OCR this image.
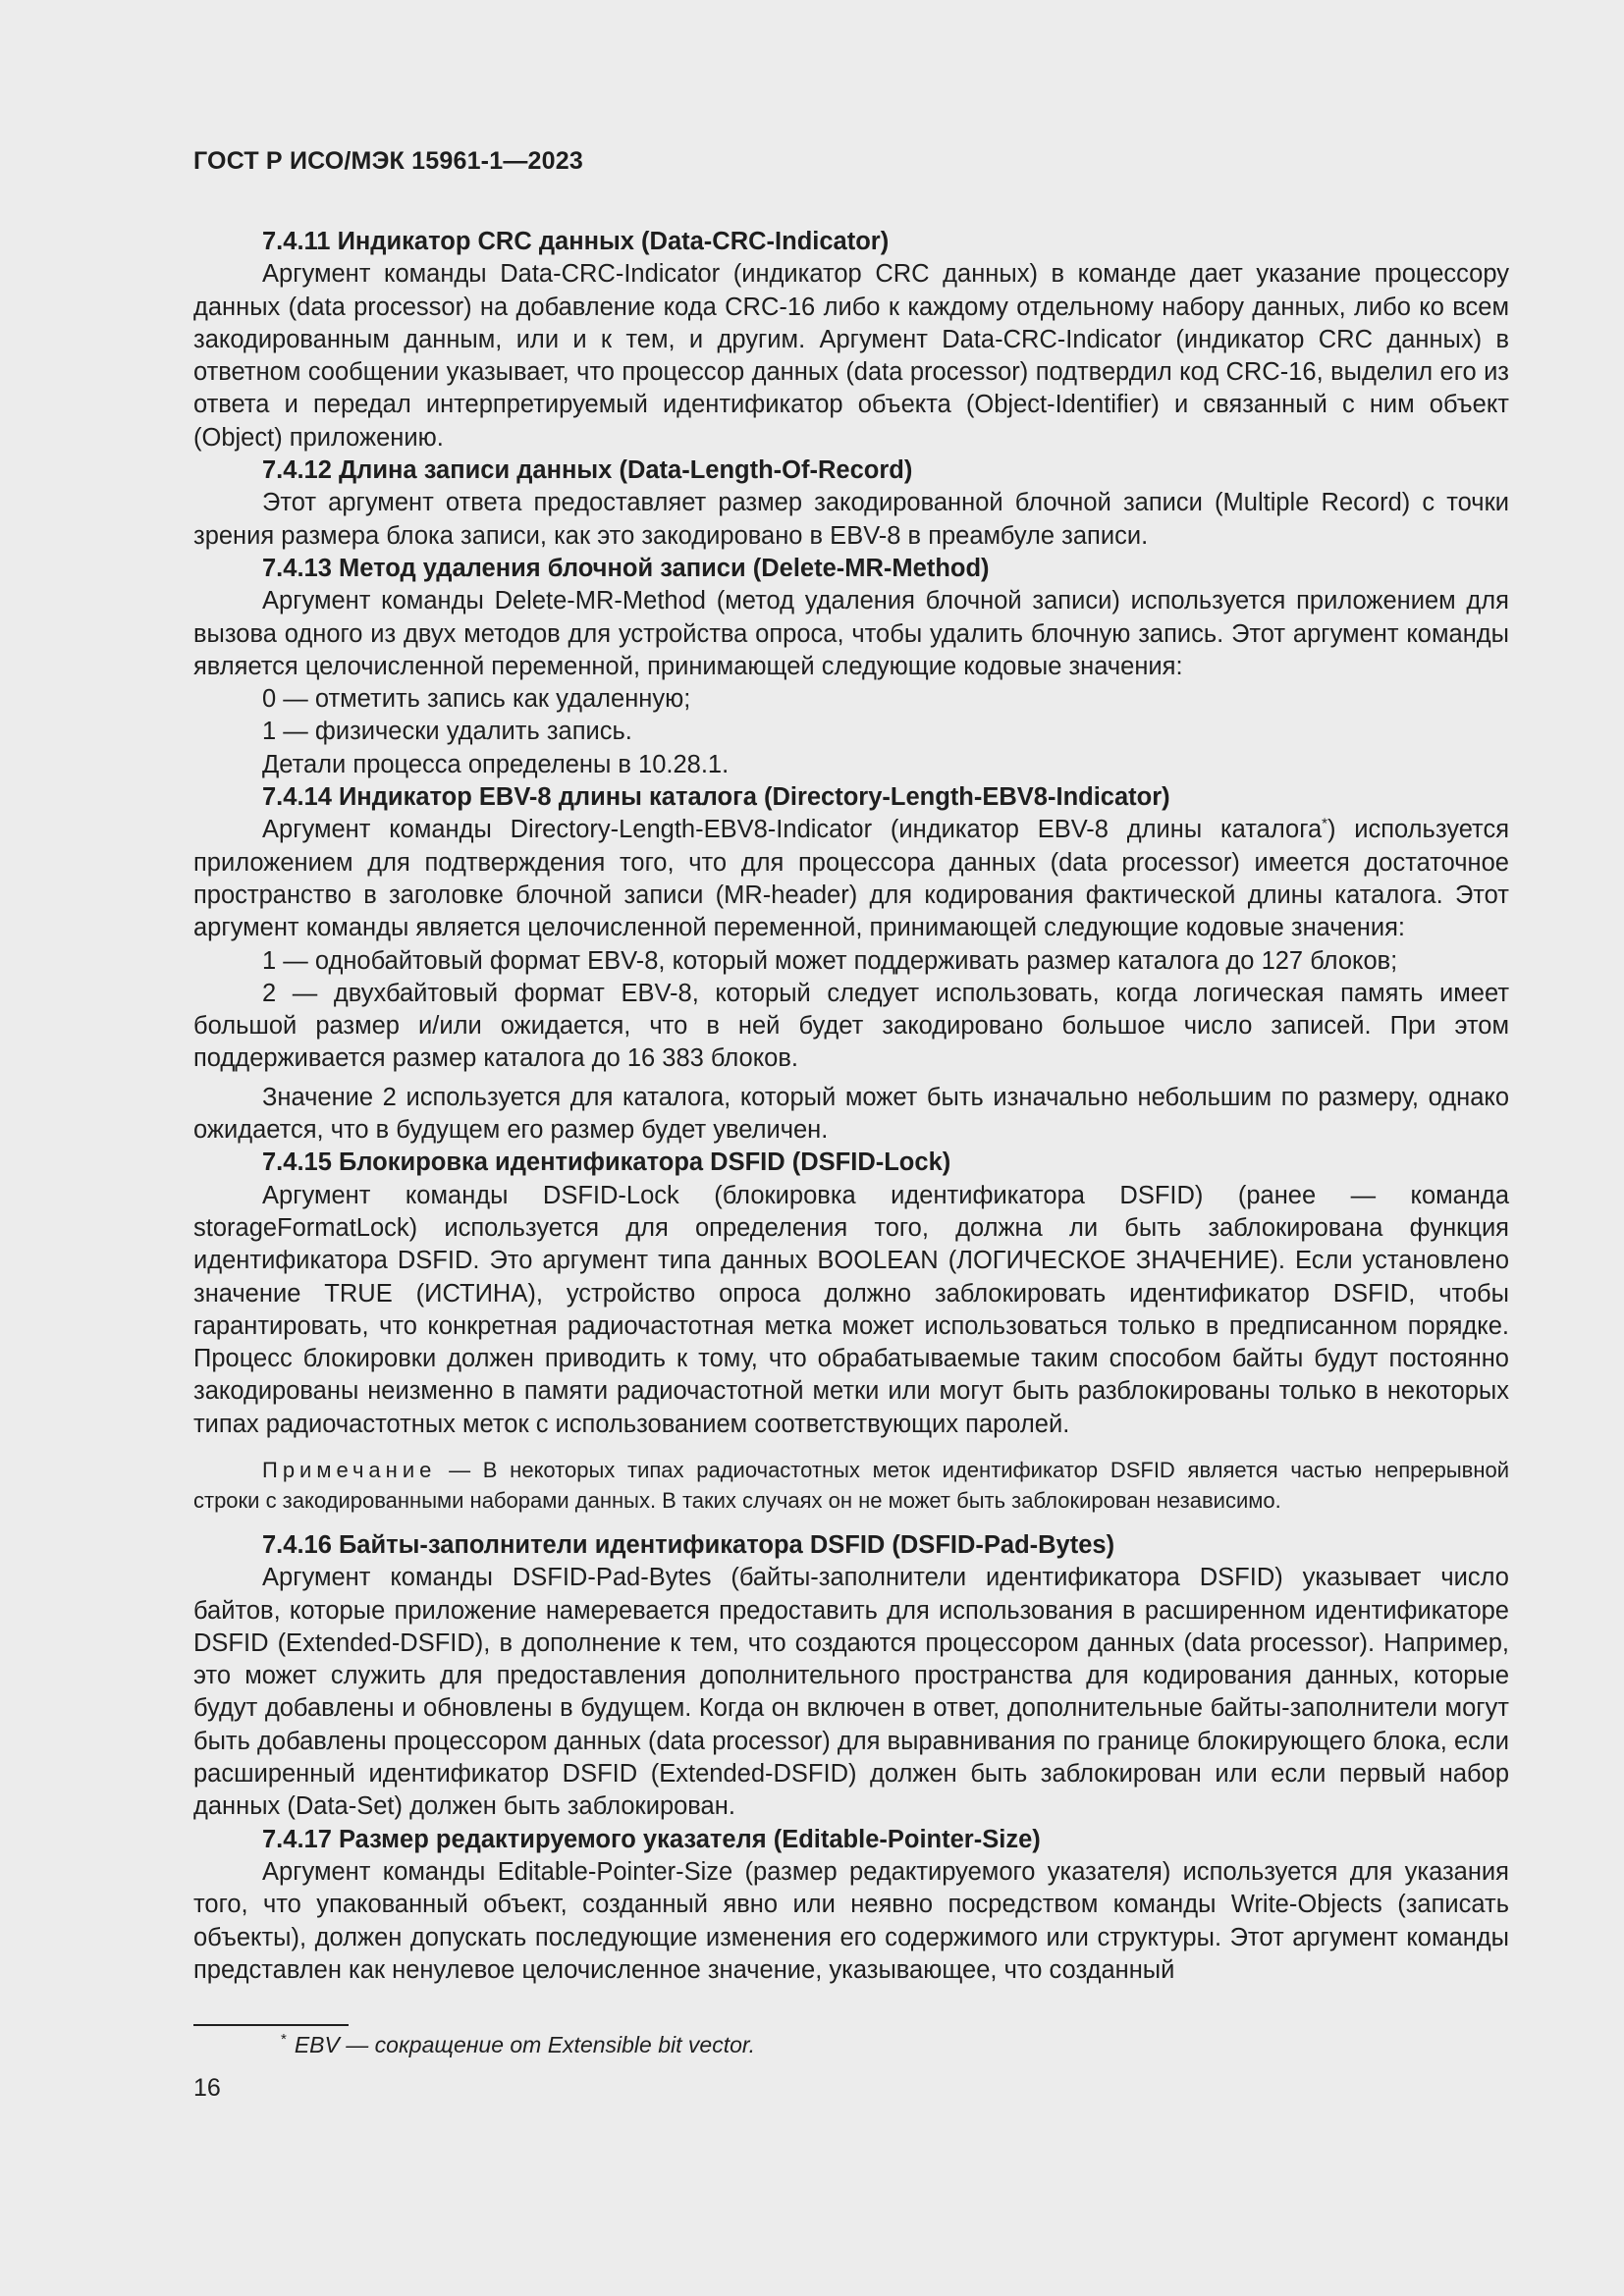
ГОСТ Р ИСО/МЭК 15961-1—2023

7.4.11 Индикатор CRC данных (Data-CRC-Indicator)

Аргумент команды Data-CRC-Indicator (индикатор CRC данных) в команде дает указание процессору данных (data processor) на добавление кода CRC-16 либо к каждому отдельному набору данных, либо ко всем закодированным данным, или и к тем, и другим. Аргумент Data-CRC-Indicator (индикатор CRC данных) в ответном сообщении указывает, что процессор данных (data processor) подтвердил код CRC-16, выделил его из ответа и передал интерпретируемый идентификатор объекта (Object-Identifier) и связанный с ним объект (Object) приложению.

7.4.12 Длина записи данных (Data-Length-Of-Record)

Этот аргумент ответа предоставляет размер закодированной блочной записи (Multiple Record) с точки зрения размера блока записи, как это закодировано в EBV-8 в преамбуле записи.

7.4.13 Метод удаления блочной записи (Delete-MR-Method)

Аргумент команды Delete-MR-Method (метод удаления блочной записи) используется приложением для вызова одного из двух методов для устройства опроса, чтобы удалить блочную запись. Этот аргумент команды является целочисленной переменной, принимающей следующие кодовые значения:

0 — отметить запись как удаленную;

1 — физически удалить запись.

Детали процесса определены в 10.28.1.

7.4.14 Индикатор EBV-8 длины каталога (Directory-Length-EBV8-Indicator)

Аргумент команды Directory-Length-EBV8-Indicator (индикатор EBV-8 длины каталога*) используется приложением для подтверждения того, что для процессора данных (data processor) имеется достаточное пространство в заголовке блочной записи (MR-header) для кодирования фактической длины каталога. Этот аргумент команды является целочисленной переменной, принимающей следующие кодовые значения:

1 — однобайтовый формат EBV-8, который может поддерживать размер каталога до 127 блоков;

2 — двухбайтовый формат EBV-8, который следует использовать, когда логическая память имеет большой размер и/или ожидается, что в ней будет закодировано большое число записей. При этом поддерживается размер каталога до 16 383 блоков.

Значение 2 используется для каталога, который может быть изначально небольшим по размеру, однако ожидается, что в будущем его размер будет увеличен.

7.4.15 Блокировка идентификатора DSFID (DSFID-Lock)

Аргумент команды DSFID-Lock (блокировка идентификатора DSFID) (ранее — команда storageFormatLock) используется для определения того, должна ли быть заблокирована функция идентификатора DSFID. Это аргумент типа данных BOOLEAN (ЛОГИЧЕСКОЕ ЗНАЧЕНИЕ). Если установлено значение TRUE (ИСТИНА), устройство опроса должно заблокировать идентификатор DSFID, чтобы гарантировать, что конкретная радиочастотная метка может использоваться только в предписанном порядке. Процесс блокировки должен приводить к тому, что обрабатываемые таким способом байты будут постоянно закодированы неизменно в памяти радиочастотной метки или могут быть разблокированы только в некоторых типах радиочастотных меток с использованием соответствующих паролей.

Примечание — В некоторых типах радиочастотных меток идентификатор DSFID является частью непрерывной строки с закодированными наборами данных. В таких случаях он не может быть заблокирован независимо.

7.4.16 Байты-заполнители идентификатора DSFID (DSFID-Pad-Bytes)

Аргумент команды DSFID-Pad-Bytes (байты-заполнители идентификатора DSFID) указывает число байтов, которые приложение намеревается предоставить для использования в расширенном идентификаторе DSFID (Extended-DSFID), в дополнение к тем, что создаются процессором данных (data processor). Например, это может служить для предоставления дополнительного пространства для кодирования данных, которые будут добавлены и обновлены в будущем. Когда он включен в ответ, дополнительные байты-заполнители могут быть добавлены процессором данных (data processor) для выравнивания по границе блокирующего блока, если расширенный идентификатор DSFID (Extended-DSFID) должен быть заблокирован или если первый набор данных (Data-Set) должен быть заблокирован.

7.4.17 Размер редактируемого указателя (Editable-Pointer-Size)

Аргумент команды Editable-Pointer-Size (размер редактируемого указателя) используется для указания того, что упакованный объект, созданный явно или неявно посредством команды Write-Objects (записать объекты), должен допускать последующие изменения его содержимого или структуры. Этот аргумент команды представлен как ненулевое целочисленное значение, указывающее, что созданный

* EBV — сокращение от Extensible bit vector.
16
